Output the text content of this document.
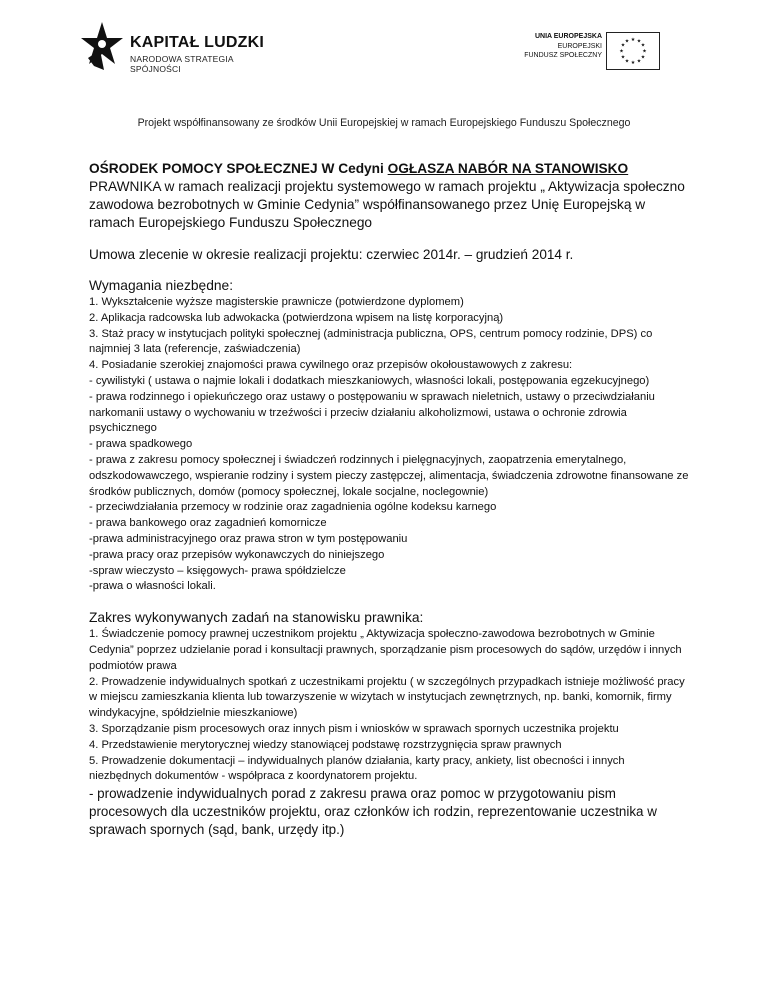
KAPITAŁ LUDZKI
NARODOWA STRATEGIA SPÓJNOŚCI
UNIA EUROPEJSKA
EUROPEJSKI
FUNDUSZ SPOŁECZNY
★ ★
★
★
★
★
★
★
★
★
★
★
Projekt współfinansowany ze środków Unii Europejskiej w ramach Europejskiego Funduszu Społecznego
OŚRODEK POMOCY SPOŁECZNEJ W Cedyni OGŁASZA NABÓR NA STANOWISKO
PRAWNIKA w ramach realizacji projektu systemowego w ramach projektu „ Aktywizacja społeczno zawodowa bezrobotnych w Gminie Cedynia” współfinansowanego przez Unię Europejską w ramach Europejskiego Funduszu Społecznego
Umowa zlecenie w okresie realizacji projektu: czerwiec 2014r. – grudzień 2014 r.
Wymagania niezbędne:
1. Wykształcenie wyższe magisterskie prawnicze (potwierdzone dyplomem)
2. Aplikacja radcowska lub adwokacka (potwierdzona wpisem na listę korporacyjną)
3. Staż pracy w instytucjach polityki społecznej (administracja publiczna, OPS, centrum pomocy rodzinie, DPS) co najmniej 3 lata (referencje, zaświadczenia)
4. Posiadanie szerokiej znajomości prawa cywilnego oraz przepisów okołoustawowych z zakresu:
- cywilistyki ( ustawa o najmie lokali i dodatkach mieszkaniowych, własności lokali, postępowania egzekucyjnego)
- prawa rodzinnego i opiekuńczego oraz ustawy o postępowaniu w sprawach nieletnich, ustawy o przeciwdziałaniu narkomanii ustawy o wychowaniu w trzeźwości i przeciw działaniu alkoholizmowi, ustawa o ochronie zdrowia psychicznego
- prawa spadkowego
- prawa z zakresu pomocy społecznej i świadczeń rodzinnych i pielęgnacyjnych, zaopatrzenia emerytalnego, odszkodowawczego, wspieranie rodziny i system pieczy zastępczej, alimentacja, świadczenia zdrowotne finansowane ze środków publicznych, domów (pomocy społecznej, lokale socjalne, noclegownie)
- przeciwdziałania przemocy w rodzinie oraz zagadnienia ogólne kodeksu karnego
- prawa bankowego oraz zagadnień komornicze
-prawa administracyjnego oraz prawa stron w tym postępowaniu
-prawa pracy oraz przepisów wykonawczych do niniejszego
-spraw wieczysto – księgowych- prawa spółdzielcze
-prawa o własności lokali.
Zakres wykonywanych zadań na stanowisku prawnika:
1. Świadczenie pomocy prawnej uczestnikom projektu „ Aktywizacja społeczno-zawodowa bezrobotnych w Gminie Cedynia” poprzez udzielanie porad i konsultacji prawnych, sporządzanie pism procesowych do sądów, urzędów i innych podmiotów prawa
2. Prowadzenie indywidualnych spotkań z uczestnikami projektu ( w szczególnych przypadkach istnieje możliwość pracy w miejscu zamieszkania klienta lub towarzyszenie w wizytach w instytucjach zewnętrznych, np. banki, komornik, firmy windykacyjne, spółdzielnie mieszkaniowe)
3. Sporządzanie pism procesowych oraz innych pism i wniosków w sprawach spornych uczestnika projektu
4. Przedstawienie merytorycznej wiedzy stanowiącej podstawę rozstrzygnięcia spraw prawnych
5. Prowadzenie dokumentacji – indywidualnych planów działania, karty pracy, ankiety, list obecności i innych niezbędnych dokumentów - współpraca z koordynatorem projektu.
- prowadzenie indywidualnych porad z zakresu prawa oraz pomoc w przygotowaniu pism procesowych dla uczestników projektu, oraz członków ich rodzin, reprezentowanie uczestnika w sprawach spornych (sąd, bank, urzędy itp.)
